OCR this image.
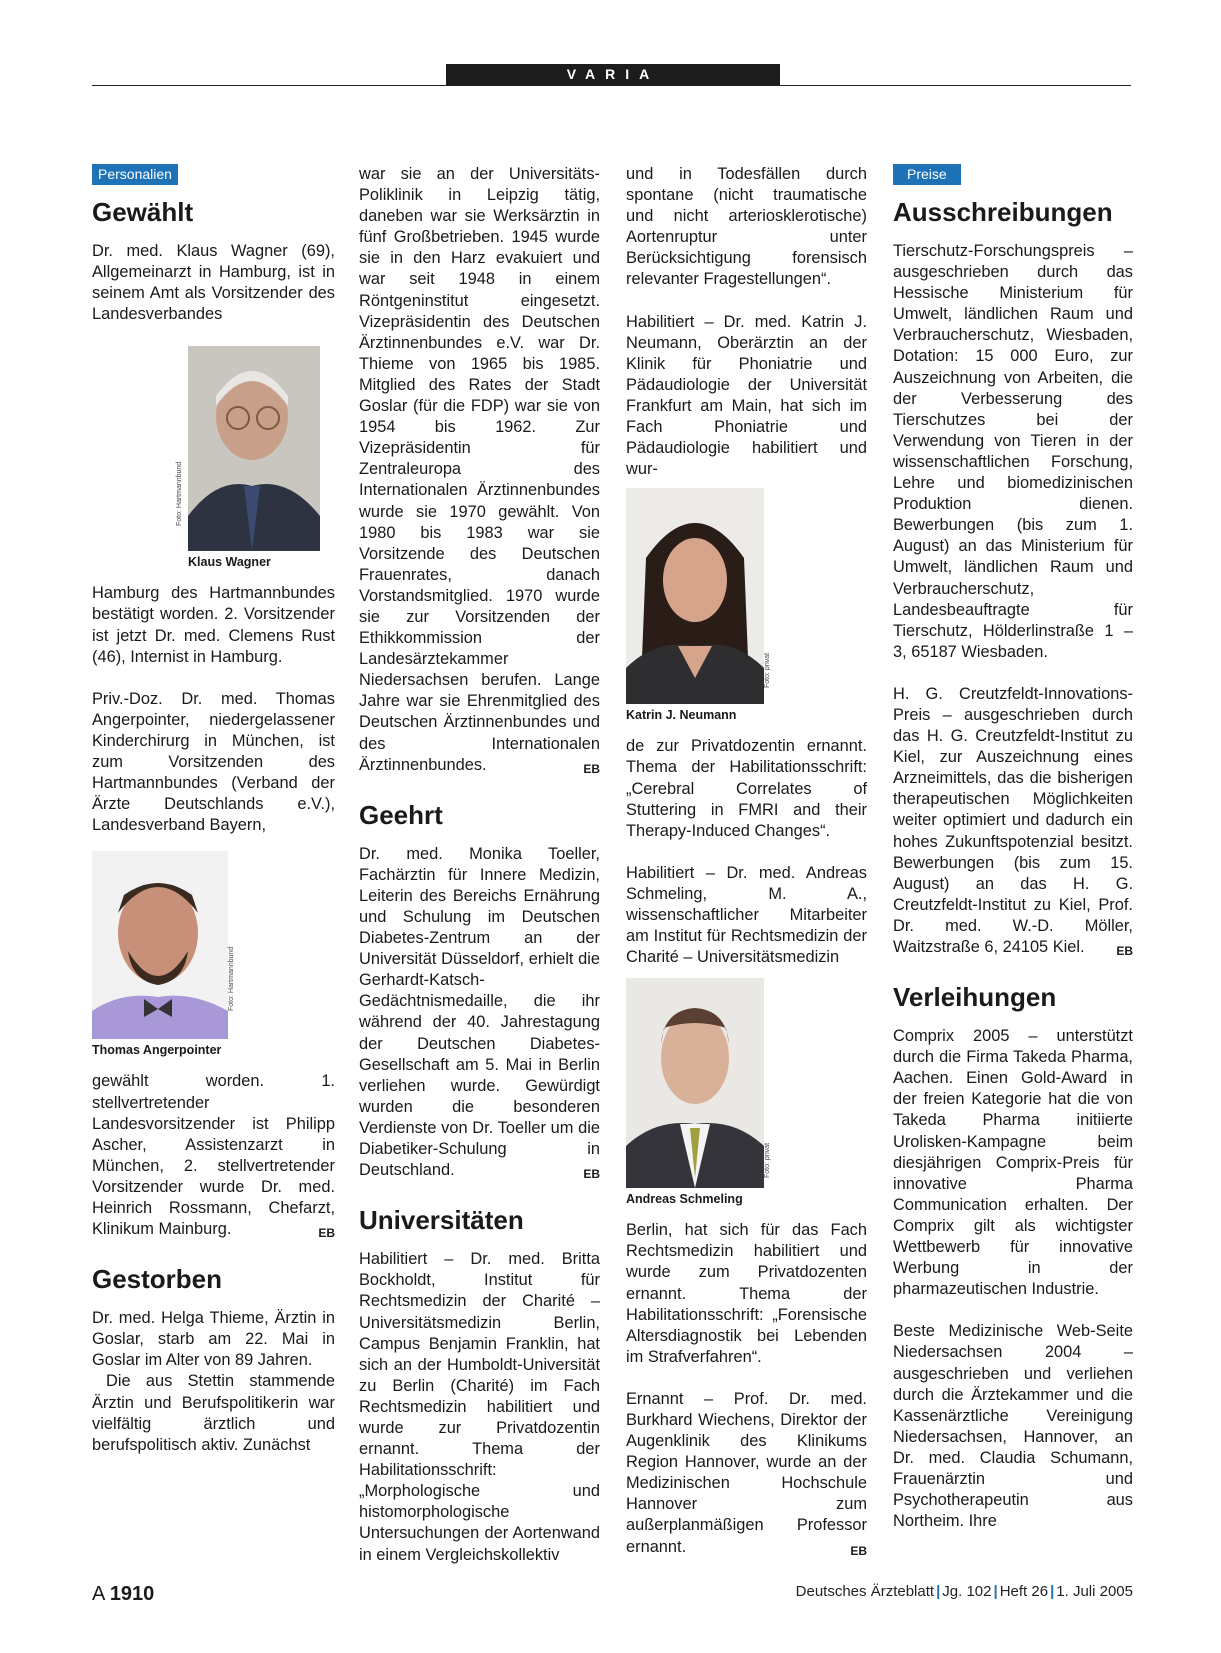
VARIA
Personalien
Gewählt

Dr. med. Klaus Wagner (69), Allgemeinarzt in Hamburg, ist in seinem Amt als Vorsitzender des Landesverbandes

Foto: Hartmannbund
Klaus Wagner

Hamburg des Hartmannbundes bestätigt worden. 2. Vorsitzender ist jetzt Dr. med. Clemens Rust (46), Internist in Hamburg.

Priv.-Doz. Dr. med. Thomas Angerpointer, niedergelassener Kinderchirurg in München, ist zum Vorsitzenden des Hartmannbundes (Verband der Ärzte Deutschlands e.V.), Landesverband Bayern,

Foto: Hartmannbund
Thomas Angerpointer

gewählt worden. 1. stellvertretender Landesvorsitzender ist Philipp Ascher, Assistenzarzt in München, 2. stellvertretender Vorsitzender wurde Dr. med. Heinrich Rossmann, Chefarzt, Klinikum Mainburg.	EB

Gestorben

Dr. med. Helga Thieme, Ärztin in Goslar, starb am 22. Mai in Goslar im Alter von 89 Jahren.

Die aus Stettin stammende Ärztin und Berufspolitikerin war vielfältig ärztlich und berufspolitisch aktiv. Zunächst

war sie an der Universitäts-Poliklinik in Leipzig tätig, daneben war sie Werksärztin in fünf Großbetrieben. 1945 wurde sie in den Harz evakuiert und war seit 1948 in einem Röntgeninstitut eingesetzt. Vizepräsidentin des Deutschen Ärztinnenbundes e.V. war Dr. Thieme von 1965 bis 1985. Mitglied des Rates der Stadt Goslar (für die FDP) war sie von 1954 bis 1962. Zur Vizepräsidentin für Zentraleuropa des Internationalen Ärztinnenbundes wurde sie 1970 gewählt. Von 1980 bis 1983 war sie Vorsitzende des Deutschen Frauenrates, danach Vorstandsmitglied. 1970 wurde sie zur Vorsitzenden der Ethikkommission der Landesärztekammer Niedersachsen berufen. Lange Jahre war sie Ehrenmitglied des Deutschen Ärztinnenbundes und des Internationalen Ärztinnenbundes.	EB

Geehrt

Dr. med. Monika Toeller, Fachärztin für Innere Medizin, Leiterin des Bereichs Ernährung und Schulung im Deutschen Diabetes-Zentrum an der Universität Düsseldorf, erhielt die Gerhardt-Katsch-Gedächtnismedaille, die ihr während der 40. Jahrestagung der Deutschen Diabetes-Gesellschaft am 5. Mai in Berlin verliehen wurde. Gewürdigt wurden die besonderen Verdienste von Dr. Toeller um die Diabetiker-Schulung in Deutschland.	EB

Universitäten

Habilitiert – Dr. med. Britta Bockholdt, Institut für Rechtsmedizin der Charité – Universitätsmedizin Berlin, Campus Benjamin Franklin, hat sich an der Humboldt-Universität zu Berlin (Charité) im Fach Rechtsmedizin habilitiert und wurde zur Privatdozentin ernannt. Thema der Habilitationsschrift: „Morphologische und histomorphologische Untersuchungen der Aortenwand in einem Vergleichskollektiv

und in Todesfällen durch spontane (nicht traumatische und nicht arteriosklerotische) Aortenruptur unter Berücksichtigung forensisch relevanter Fragestellungen“.

Habilitiert – Dr. med. Katrin J. Neumann, Oberärztin an der Klinik für Phoniatrie und Pädaudiologie der Universität Frankfurt am Main, hat sich im Fach Phoniatrie und Pädaudiologie habilitiert und wur-

Foto: privat
Katrin J. Neumann

de zur Privatdozentin ernannt. Thema der Habilitationsschrift: „Cerebral Correlates of Stuttering in FMRI and their Therapy-Induced Changes“.

Habilitiert – Dr. med. Andreas Schmeling, M. A., wissenschaftlicher Mitarbeiter am Institut für Rechtsmedizin der Charité – Universitätsmedizin

Foto: privat
Andreas Schmeling

Berlin, hat sich für das Fach Rechtsmedizin habilitiert und wurde zum Privatdozenten ernannt. Thema der Habilitationsschrift: „Forensische Altersdiagnostik bei Lebenden im Strafverfahren“.

Ernannt – Prof. Dr. med. Burkhard Wiechens, Direktor der Augenklinik des Klinikums Region Hannover, wurde an der Medizinischen Hochschule Hannover zum außerplanmäßigen Professor ernannt.	EB

Preise
Ausschreibungen

Tierschutz-Forschungspreis – ausgeschrieben durch das Hessische Ministerium für Umwelt, ländlichen Raum und Verbraucherschutz, Wiesbaden, Dotation: 15 000 Euro, zur Auszeichnung von Arbeiten, die der Verbesserung des Tierschutzes bei der Verwendung von Tieren in der wissenschaftlichen Forschung, Lehre und biomedizinischen Produktion dienen. Bewerbungen (bis zum 1. August) an das Ministerium für Umwelt, ländlichen Raum und Verbraucherschutz, Landesbeauftragte für Tierschutz, Hölderlinstraße 1 – 3, 65187 Wiesbaden.

H. G. Creutzfeldt-Innovations-Preis – ausgeschrieben durch das H. G. Creutzfeldt-Institut zu Kiel, zur Auszeichnung eines Arzneimittels, das die bisherigen therapeutischen Möglichkeiten weiter optimiert und dadurch ein hohes Zukunftspotenzial besitzt. Bewerbungen (bis zum 15. August) an das H. G. Creutzfeldt-Institut zu Kiel, Prof. Dr. med. W.-D. Möller, Waitzstraße 6, 24105 Kiel.	EB

Verleihungen

Comprix 2005 – unterstützt durch die Firma Takeda Pharma, Aachen. Einen Gold-Award in der freien Kategorie hat die von Takeda Pharma initiierte Urolisken-Kampagne beim diesjährigen Comprix-Preis für innovative Pharma Communication erhalten. Der Comprix gilt als wichtigster Wettbewerb für innovative Werbung in der pharmazeutischen Industrie.

Beste Medizinische Web-Seite Niedersachsen 2004 – ausgeschrieben und verliehen durch die Ärztekammer und die Kassenärztliche Vereinigung Niedersachsen, Hannover, an Dr. med. Claudia Schumann, Frauenärztin und Psychotherapeutin aus Northeim. Ihre

A 1910	Deutsches Ärzteblatt | Jg. 102 | Heft 26 | 1. Juli 2005
